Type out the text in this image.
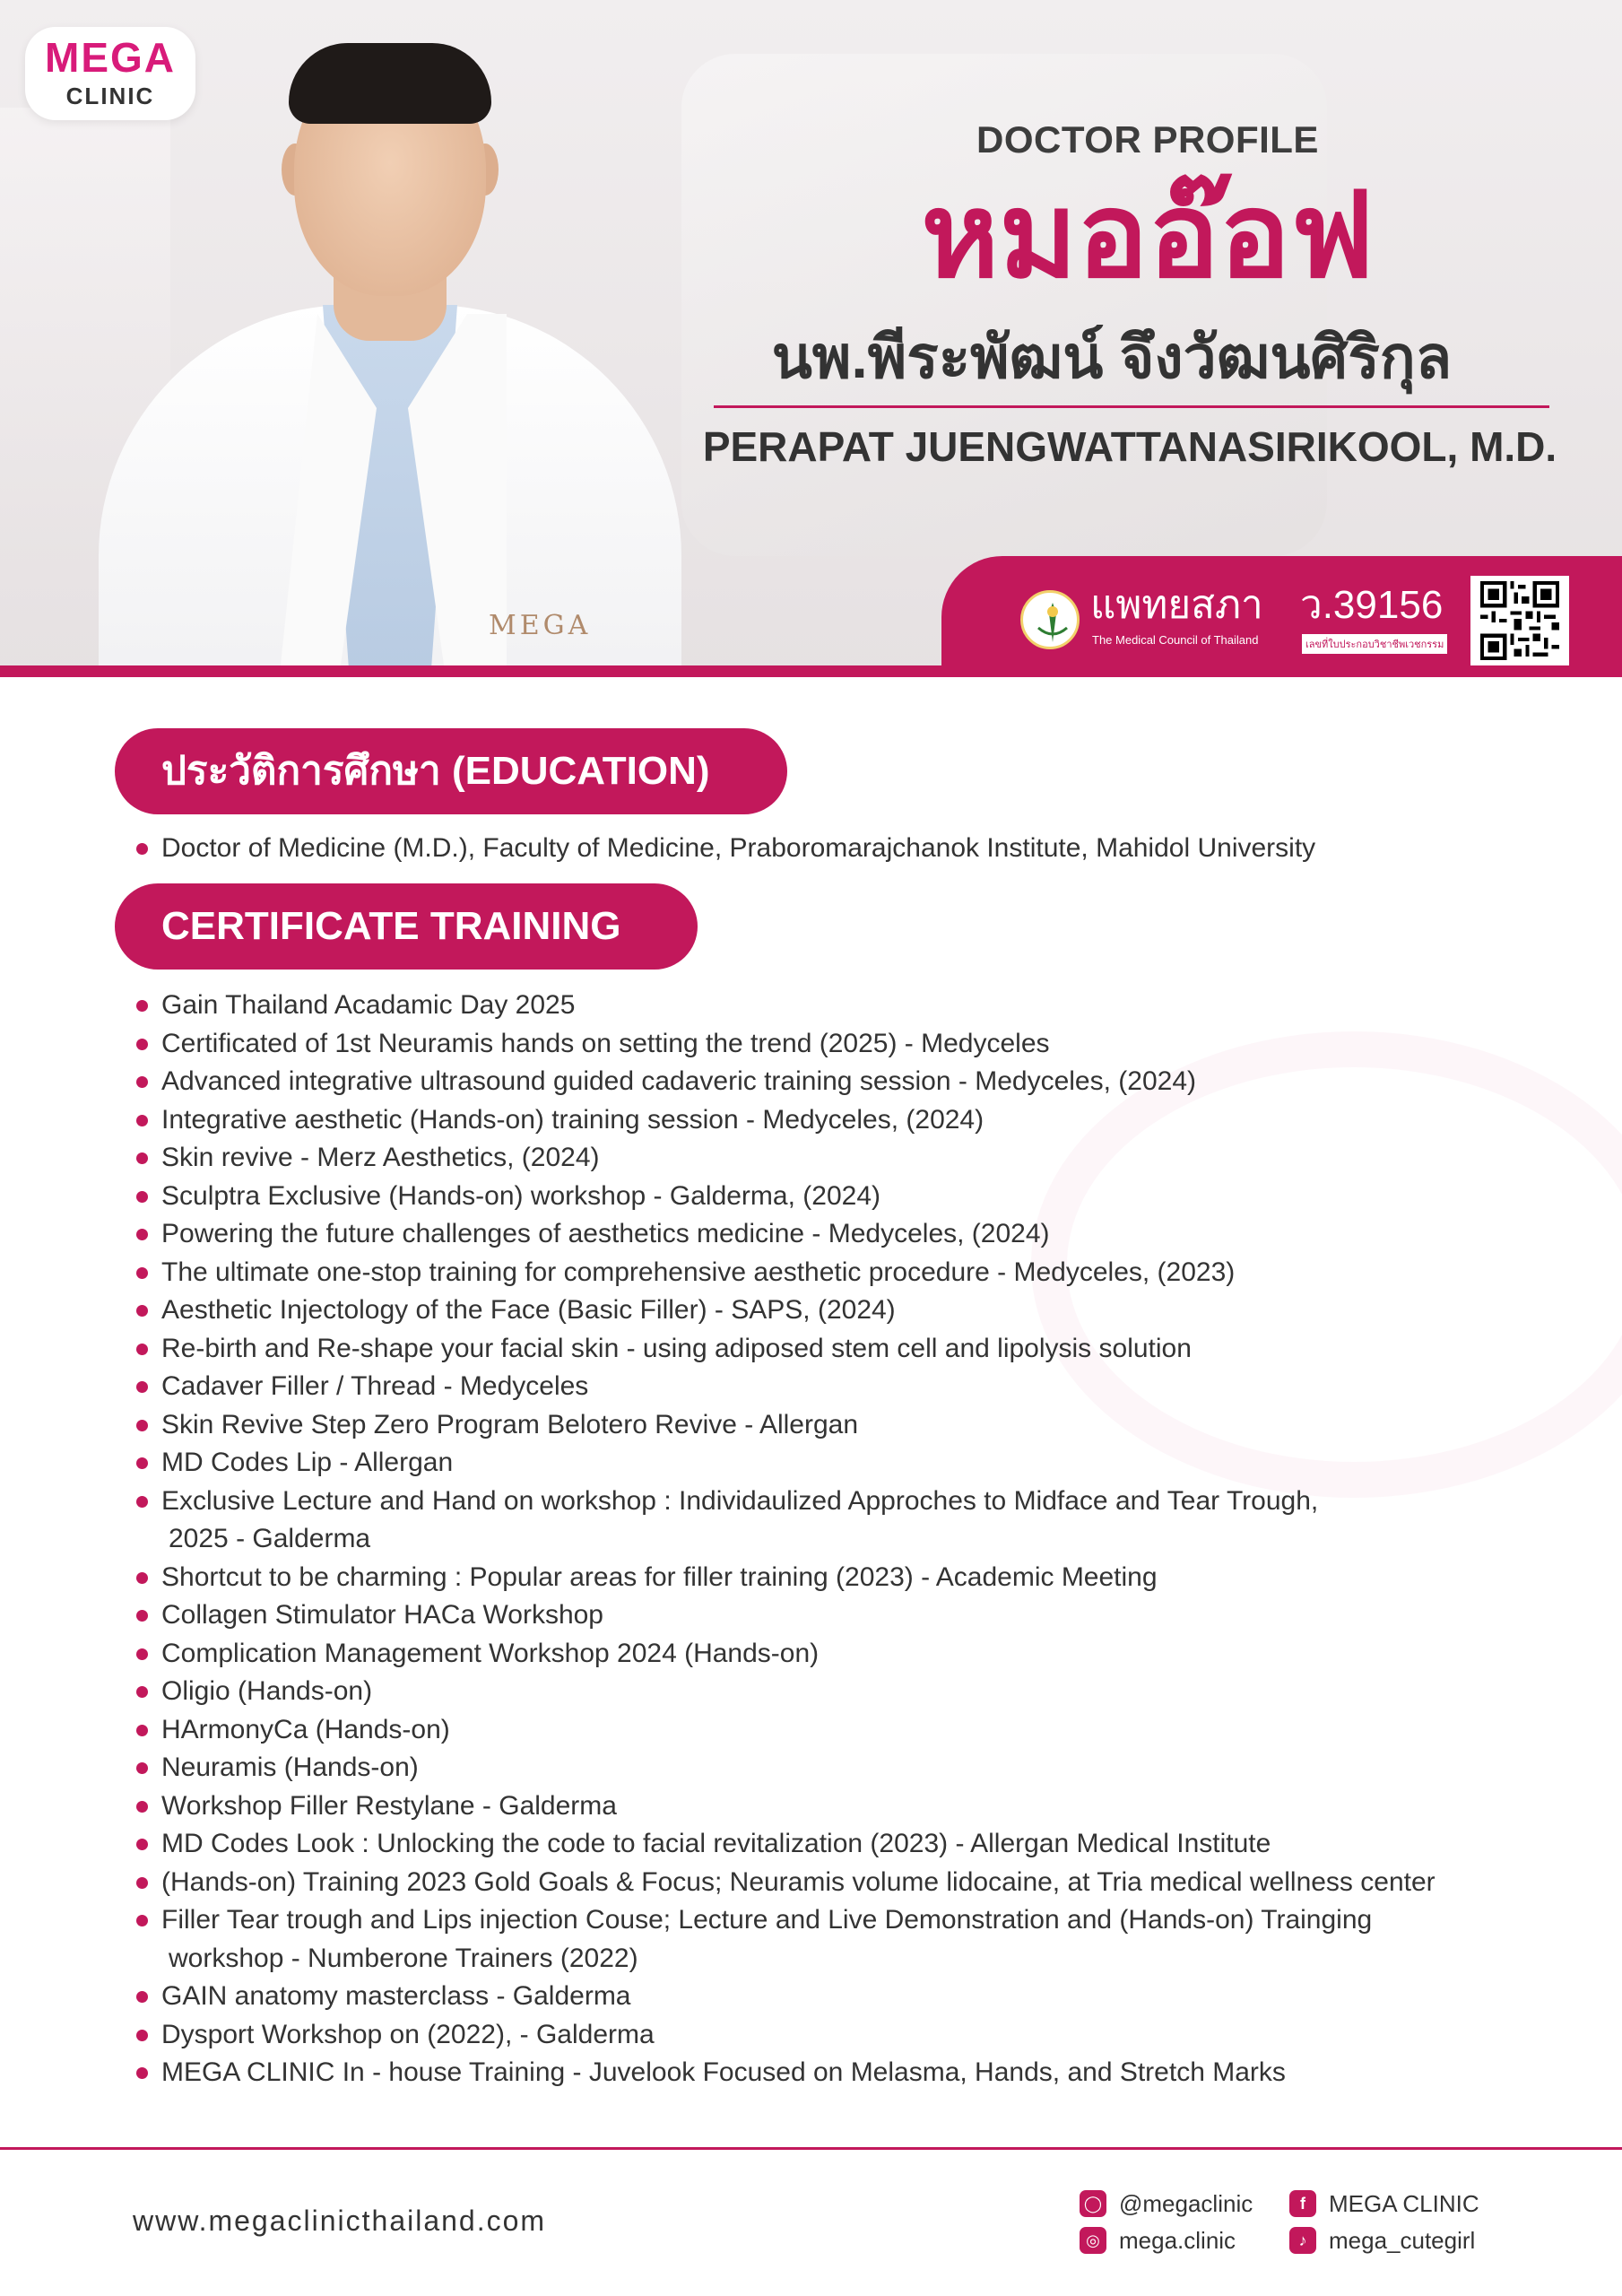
MEGA
MEGA
CLINIC
DOCTOR PROFILE
หมออ๊อฟ
นพ.พีระพัฒน์ จึงวัฒนศิริกุล
PERAPAT JUENGWATTANASIRIKOOL, M.D.
แพทยสภา
The Medical Council of Thailand
ว.39156
เลขที่ใบประกอบวิชาชีพเวชกรรม
ประวัติการศึกษา (EDUCATION)
Doctor of Medicine (M.D.), Faculty of Medicine, Praboromarajchanok Institute, Mahidol University
CERTIFICATE TRAINING
Gain Thailand Acadamic Day 2025
Certificated of 1st Neuramis hands on setting the trend (2025) - Medyceles
Advanced integrative ultrasound guided cadaveric training session - Medyceles, (2024)
Integrative aesthetic (Hands-on) training session - Medyceles, (2024)
Skin revive - Merz Aesthetics, (2024)
Sculptra Exclusive (Hands-on) workshop - Galderma, (2024)
Powering the future challenges of aesthetics medicine - Medyceles, (2024)
The ultimate one-stop training for comprehensive aesthetic procedure - Medyceles, (2023)
Aesthetic Injectology of the Face (Basic Filler) - SAPS, (2024)
Re-birth and Re-shape your facial skin - using adiposed stem cell and lipolysis solution
Cadaver Filler / Thread - Medyceles
Skin Revive Step Zero Program Belotero Revive - Allergan
MD Codes Lip - Allergan
Exclusive Lecture and Hand on workshop : Individaulized Approches to Midface and Tear Trough,
2025 - Galderma
Shortcut to be charming : Popular areas for filler training (2023) - Academic Meeting
Collagen Stimulator HACa Workshop
Complication Management Workshop 2024 (Hands-on)
Oligio (Hands-on)
HArmonyCa (Hands-on)
Neuramis (Hands-on)
Workshop Filler Restylane - Galderma
MD Codes Look : Unlocking the code to facial revitalization (2023) - Allergan Medical Institute
(Hands-on) Training 2023 Gold Goals & Focus; Neuramis volume lidocaine, at Tria medical wellness center
Filler Tear trough and Lips injection Couse; Lecture and Live Demonstration and (Hands-on) Trainging
workshop - Numberone Trainers (2022)
GAIN anatomy masterclass - Galderma
Dysport Workshop on (2022), - Galderma
MEGA CLINIC In - house Training - Juvelook Focused on Melasma, Hands, and Stretch Marks
www.megaclinicthailand.com
◯ @megaclinic	f	MEGA CLINIC
◎ mega.clinic	♪ mega_cutegirl
